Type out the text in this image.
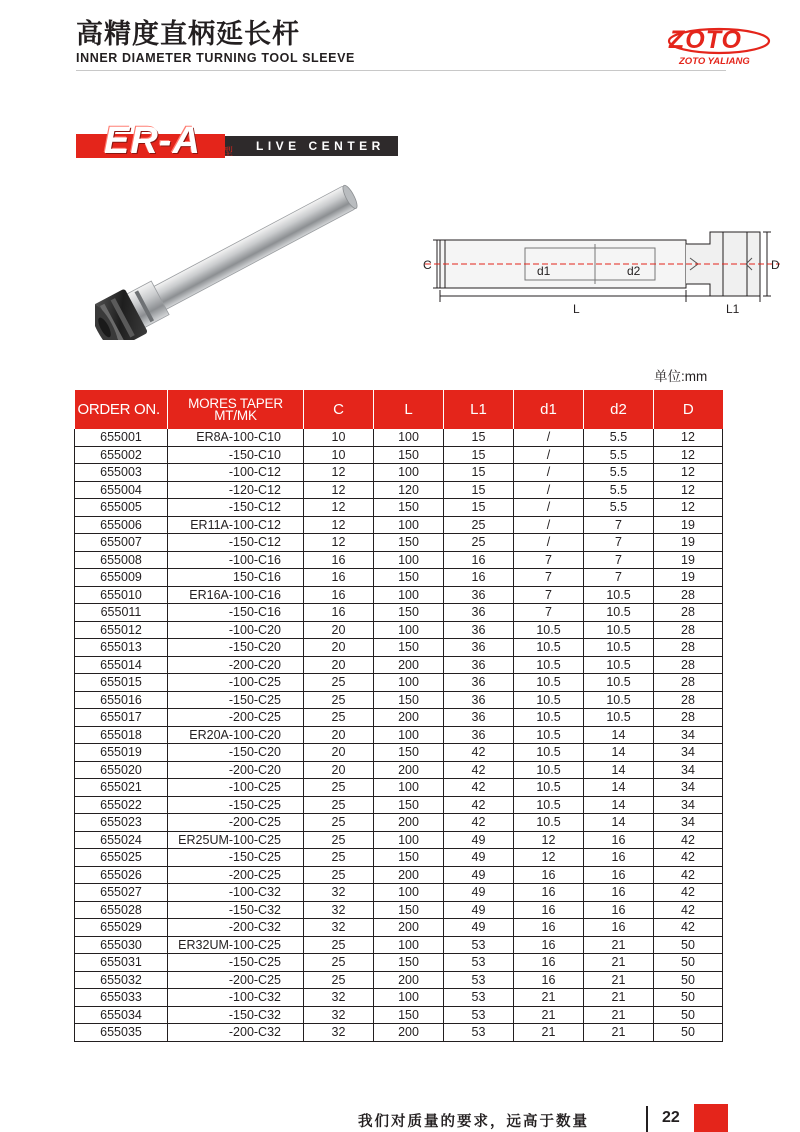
高精度直柄延长杆
INNER DIAMETER TURNING TOOL SLEEVE
ZOTO
ZOTO YALIANG
ER-A 型 LIVE CENTER
C	D
d1	d2
L	L1
单位:mm
ORDER ON.	MORES TAPER
MT/MK	C	L	L1	d1	d2	D
655001	ER8A-100-C10	10	100	15	/	5.5	12
655002	-150-C10	10	150	15	/	5.5	12
655003	-100-C12	12	100	15	/	5.5	12
655004	-120-C12	12	120	15	/	5.5	12
655005	-150-C12	12	150	15	/	5.5	12
655006	ER11A-100-C12	12	100	25	/	7	19
655007	-150-C12	12	150	25	/	7	19
655008	-100-C16	16	100	16	7	7	19
655009	150-C16	16	150	16	7	7	19
655010	ER16A-100-C16	16	100	36	7	10.5	28
655011	-150-C16	16	150	36	7	10.5	28
655012	-100-C20	20	100	36	10.5	10.5	28
655013	-150-C20	20	150	36	10.5	10.5	28
655014	-200-C20	20	200	36	10.5	10.5	28
655015	-100-C25	25	100	36	10.5	10.5	28
655016	-150-C25	25	150	36	10.5	10.5	28
655017	-200-C25	25	200	36	10.5	10.5	28
655018	ER20A-100-C20	20	100	36	10.5	14	34
655019	-150-C20	20	150	42	10.5	14	34
655020	-200-C20	20	200	42	10.5	14	34
655021	-100-C25	25	100	42	10.5	14	34
655022	-150-C25	25	150	42	10.5	14	34
655023	-200-C25	25	200	42	10.5	14	34
655024	ER25UM-100-C25	25	100	49	12	16	42
655025	-150-C25	25	150	49	12	16	42
655026	-200-C25	25	200	49	16	16	42
655027	-100-C32	32	100	49	16	16	42
655028	-150-C32	32	150	49	16	16	42
655029	-200-C32	32	200	49	16	16	42
655030	ER32UM-100-C25	25	100	53	16	21	50
655031	-150-C25	25	150	53	16	21	50
655032	-200-C25	25	200	53	16	21	50
655033	-100-C32	32	100	53	21	21	50
655034	-150-C32	32	150	53	21	21	50
655035	-200-C32	32	200	53	21	21	50
我们对质量的要求，远高于数量	22
